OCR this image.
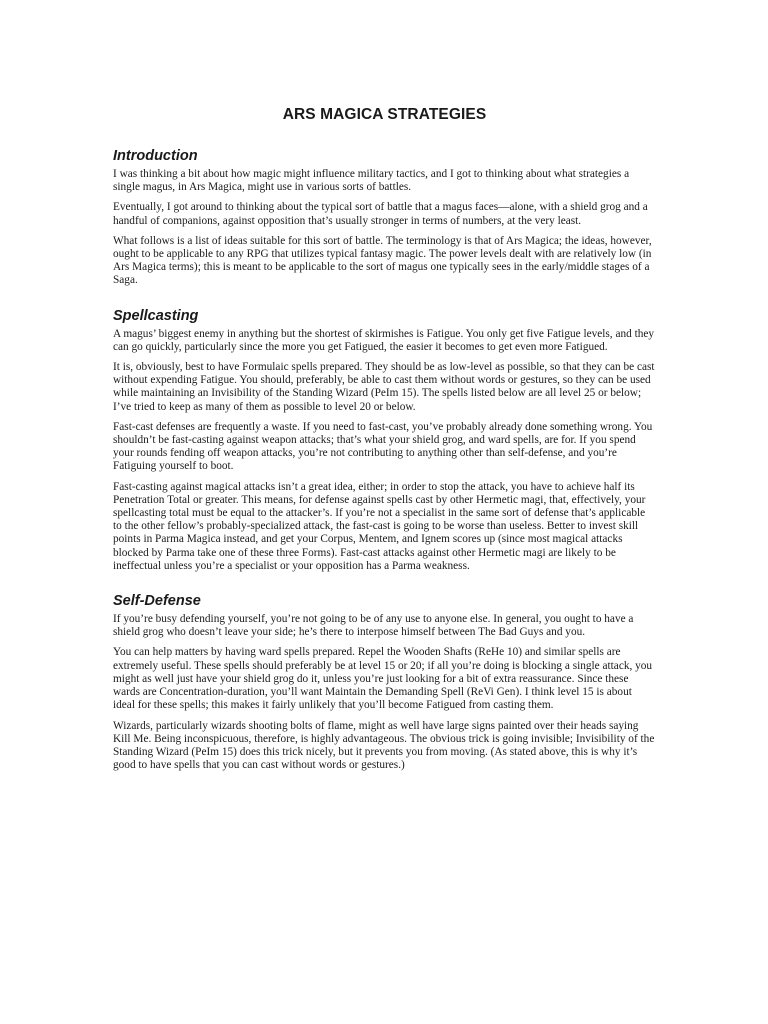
ARS MAGICA STRATEGIES
Introduction

I was thinking a bit about how magic might influence military tactics, and I got to thinking about what strategies a single magus, in Ars Magica, might use in various sorts of battles.

Eventually, I got around to thinking about the typical sort of battle that a magus faces—alone, with a shield grog and a handful of companions, against opposition that’s usually stronger in terms of numbers, at the very least.

What follows is a list of ideas suitable for this sort of battle. The terminology is that of Ars Magica; the ideas, however, ought to be applicable to any RPG that utilizes typical fantasy magic. The power levels dealt with are relatively low (in Ars Magica terms); this is meant to be applicable to the sort of magus one typically sees in the early/middle stages of a Saga.

Spellcasting

A magus’ biggest enemy in anything but the shortest of skirmishes is Fatigue. You only get five Fatigue levels, and they can go quickly, particularly since the more you get Fatigued, the easier it becomes to get even more Fatigued.

It is, obviously, best to have Formulaic spells prepared. They should be as low-level as possible, so that they can be cast without expending Fatigue. You should, preferably, be able to cast them without words or gestures, so they can be used while maintaining an Invisibility of the Standing Wizard (PeIm 15). The spells listed below are all level 25 or below; I’ve tried to keep as many of them as possible to level 20 or below.

Fast-cast defenses are frequently a waste. If you need to fast-cast, you’ve probably already done something wrong. You shouldn’t be fast-casting against weapon attacks; that’s what your shield grog, and ward spells, are for. If you spend your rounds fending off weapon attacks, you’re not contributing to anything other than self-defense, and you’re Fatiguing yourself to boot.

Fast-casting against magical attacks isn’t a great idea, either; in order to stop the attack, you have to achieve half its Penetration Total or greater. This means, for defense against spells cast by other Hermetic magi, that, effectively, your spellcasting total must be equal to the attacker’s. If you’re not a specialist in the same sort of defense that’s applicable to the other fellow’s probably-specialized attack, the fast-cast is going to be worse than useless. Better to invest skill points in Parma Magica instead, and get your Corpus, Mentem, and Ignem scores up (since most magical attacks blocked by Parma take one of these three Forms). Fast-cast attacks against other Hermetic magi are likely to be ineffectual unless you’re a specialist or your opposition has a Parma weakness.

Self-Defense

If you’re busy defending yourself, you’re not going to be of any use to anyone else. In general, you ought to have a shield grog who doesn’t leave your side; he’s there to interpose himself between The Bad Guys and you.

You can help matters by having ward spells prepared. Repel the Wooden Shafts (ReHe 10) and similar spells are extremely useful. These spells should preferably be at level 15 or 20; if all you’re doing is blocking a single attack, you might as well just have your shield grog do it, unless you’re just looking for a bit of extra reassurance. Since these wards are Concentration-duration, you’ll want Maintain the Demanding Spell (ReVi Gen). I think level 15 is about ideal for these spells; this makes it fairly unlikely that you’ll become Fatigued from casting them.

Wizards, particularly wizards shooting bolts of flame, might as well have large signs painted over their heads saying Kill Me. Being inconspicuous, therefore, is highly advantageous. The obvious trick is going invisible; Invisibility of the Standing Wizard (PeIm 15) does this trick nicely, but it prevents you from moving. (As stated above, this is why it’s good to have spells that you can cast without words or gestures.)
